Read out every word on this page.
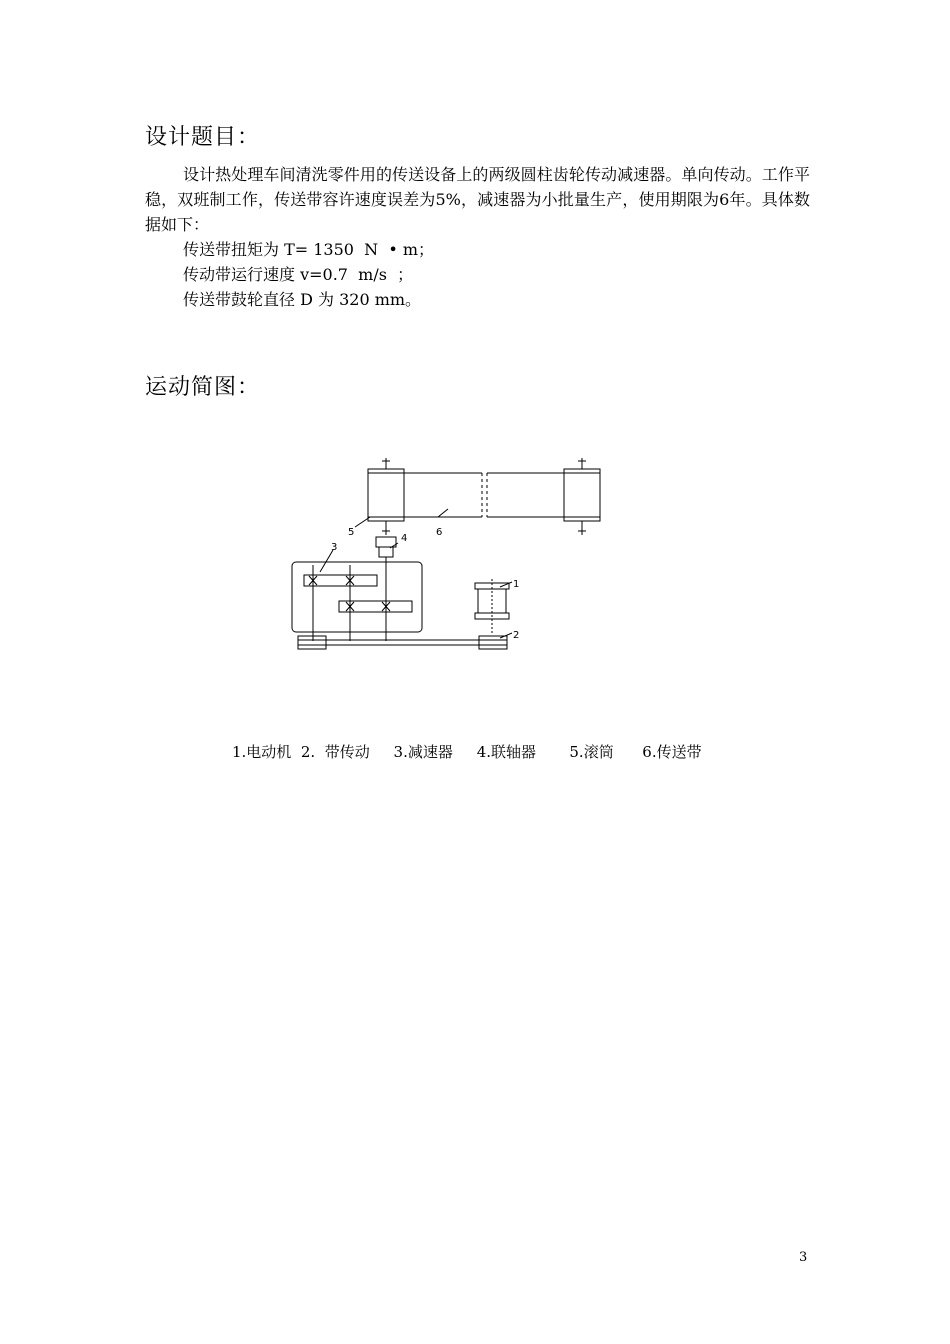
设计题目：

设计热处理车间清洗零件用的传送设备上的两级圆柱齿轮传动减速器。单向传动。工作平稳，双班制工作，传送带容许速度误差为5%，减速器为小批量生产，使用期限为6年。具体数据如下：

传送带扭矩为 T= 1350  N  • m；
传动带运行速度 v=0.7  m/s  ；
传送带鼓轮直径 D 为 320 mm。
运动简图：
5	6
3
4
1
2
1.电动机  2.  带传动     3.减速器     4.联轴器       5.滚筒      6.传送带
3
